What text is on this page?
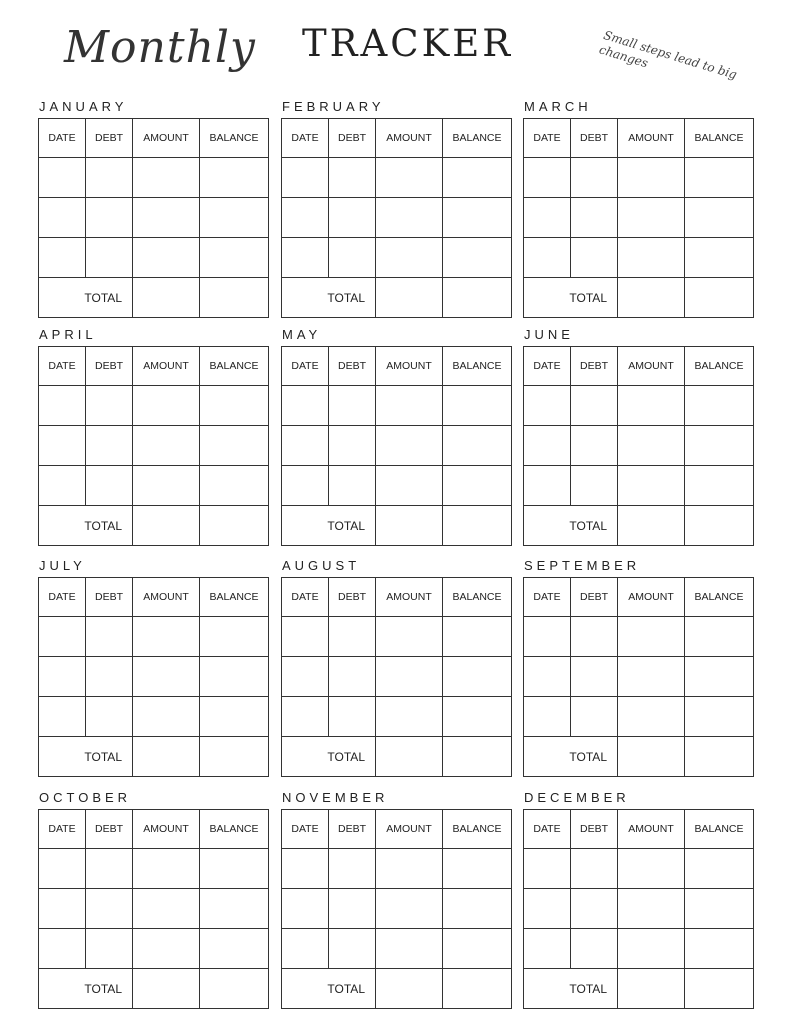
Monthly TRACKER	Small steps lead to big changes
JANUARY
DATE	DEBT	AMOUNT	BALANCE

TOTAL			
FEBRUARY
DATE	DEBT	AMOUNT	BALANCE

TOTAL			
MARCH
DATE	DEBT	AMOUNT	BALANCE

TOTAL			
APRIL
DATE	DEBT	AMOUNT	BALANCE

TOTAL			
MAY
DATE	DEBT	AMOUNT	BALANCE

TOTAL			
JUNE
DATE	DEBT	AMOUNT	BALANCE

TOTAL			
JULY
DATE	DEBT	AMOUNT	BALANCE

TOTAL			
AUGUST
DATE	DEBT	AMOUNT	BALANCE

TOTAL			
SEPTEMBER
DATE	DEBT	AMOUNT	BALANCE

TOTAL			
OCTOBER
DATE	DEBT	AMOUNT	BALANCE

TOTAL			
NOVEMBER
DATE	DEBT	AMOUNT	BALANCE

TOTAL			
DECEMBER
DATE	DEBT	AMOUNT	BALANCE

TOTAL			
